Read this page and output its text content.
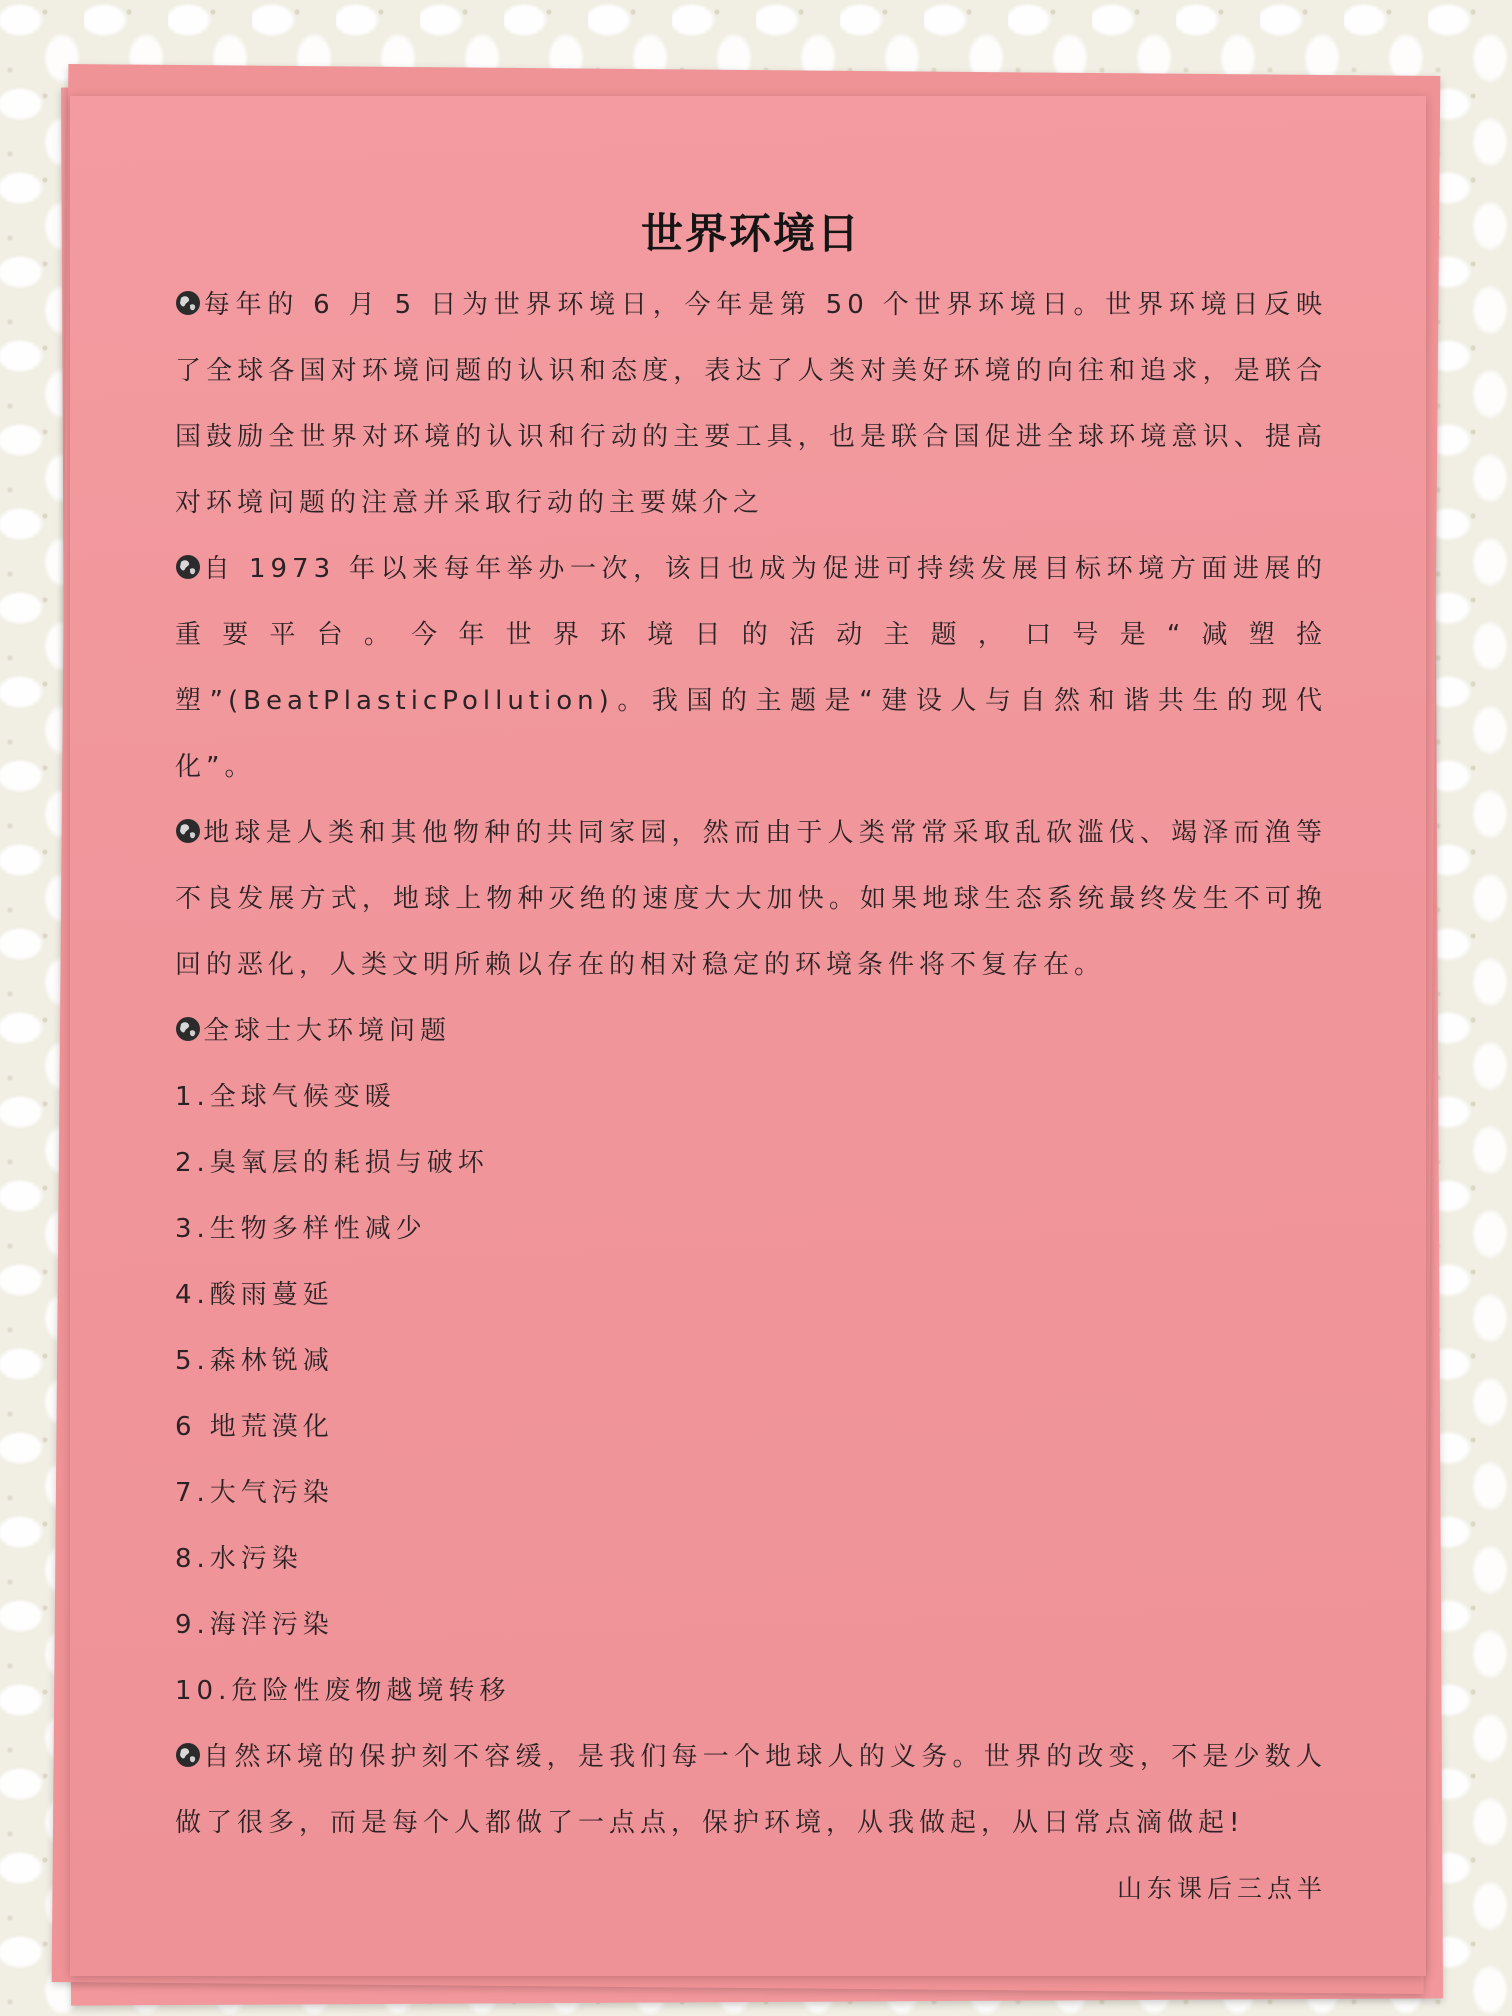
世界环境日

每年的 6 月 5 日为世界环境日，今年是第 50 个世界环境日。世界环境日反映了全球各国对环境问题的认识和态度，表达了人类对美好环境的向往和追求，是联合国鼓励全世界对环境的认识和行动的主要工具，也是联合国促进全球环境意识、提高对环境问题的注意并采取行动的主要媒介之

自 1973 年以来每年举办一次，该日也成为促进可持续发展目标环境方面进展的重要平台。今年世界环境日的活动主题，口号是“减塑捡塑”(BeatPlasticPollution)。我国的主题是“建设人与自然和谐共生的现代化”。

地球是人类和其他物种的共同家园，然而由于人类常常采取乱砍滥伐、竭泽而渔等不良发展方式，地球上物种灭绝的速度大大加快。如果地球生态系统最终发生不可挽回的恶化，人类文明所赖以存在的相对稳定的环境条件将不复存在。

全球士大环境问题

1.全球气候变暖

2.臭氧层的耗损与破坏

3.生物多样性减少

4.酸雨蔓延

5.森林锐减

6 地荒漠化

7.大气污染

8.水污染

9.海洋污染

10.危险性废物越境转移

自然环境的保护刻不容缓，是我们每一个地球人的义务。世界的改变，不是少数人做了很多，而是每个人都做了一点点，保护环境，从我做起，从日常点滴做起!

山东课后三点半
